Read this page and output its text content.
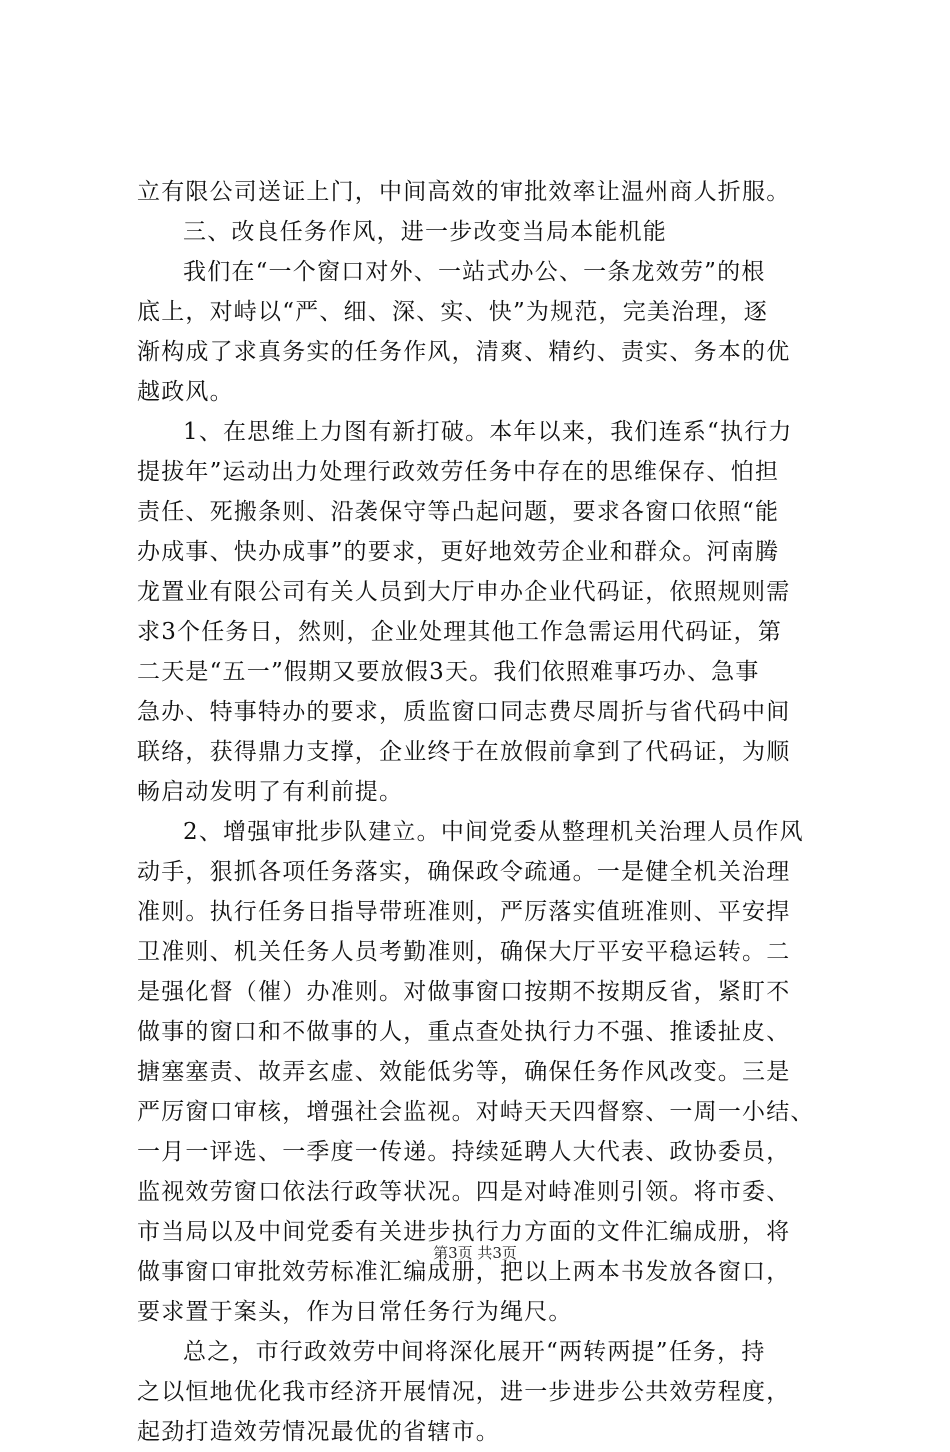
立有限公司送证上门，中间高效的审批效率让温州商人折服。
三、改良任务作风，进一步改变当局本能机能
我们在“一个窗口对外、一站式办公、一条龙效劳”的根
底上，对峙以“严、细、深、实、快”为规范，完美治理，逐
渐构成了求真务实的任务作风，清爽、精约、责实、务本的优
越政风。
1、在思维上力图有新打破。本年以来，我们连系“执行力
提拔年”运动出力处理行政效劳任务中存在的思维保存、怕担
责任、死搬条则、沿袭保守等凸起问题，要求各窗口依照“能
办成事、快办成事”的要求，更好地效劳企业和群众。河南腾
龙置业有限公司有关人员到大厅申办企业代码证，依照规则需
求3个任务日，然则，企业处理其他工作急需运用代码证，第
二天是“五一”假期又要放假3天。我们依照难事巧办、急事
急办、特事特办的要求，质监窗口同志费尽周折与省代码中间
联络，获得鼎力支撑，企业终于在放假前拿到了代码证，为顺
畅启动发明了有利前提。
2、增强审批步队建立。中间党委从整理机关治理人员作风
动手，狠抓各项任务落实，确保政令疏通。一是健全机关治理
准则。执行任务日指导带班准则，严厉落实值班准则、平安捍
卫准则、机关任务人员考勤准则，确保大厅平安平稳运转。二
是强化督（催）办准则。对做事窗口按期不按期反省，紧盯不
做事的窗口和不做事的人，重点查处执行力不强、推诿扯皮、
搪塞塞责、故弄玄虚、效能低劣等，确保任务作风改变。三是
严厉窗口审核，增强社会监视。对峙天天四督察、一周一小结、
一月一评选、一季度一传递。持续延聘人大代表、政协委员，
监视效劳窗口依法行政等状况。四是对峙准则引领。将市委、
市当局以及中间党委有关进步执行力方面的文件汇编成册，将
做事窗口审批效劳标准汇编成册，把以上两本书发放各窗口，
要求置于案头，作为日常任务行为绳尺。
总之，市行政效劳中间将深化展开“两转两提”任务，持
之以恒地优化我市经济开展情况，进一步进步公共效劳程度，
起劲打造效劳情况最优的省辖市。
第3页 共3页
